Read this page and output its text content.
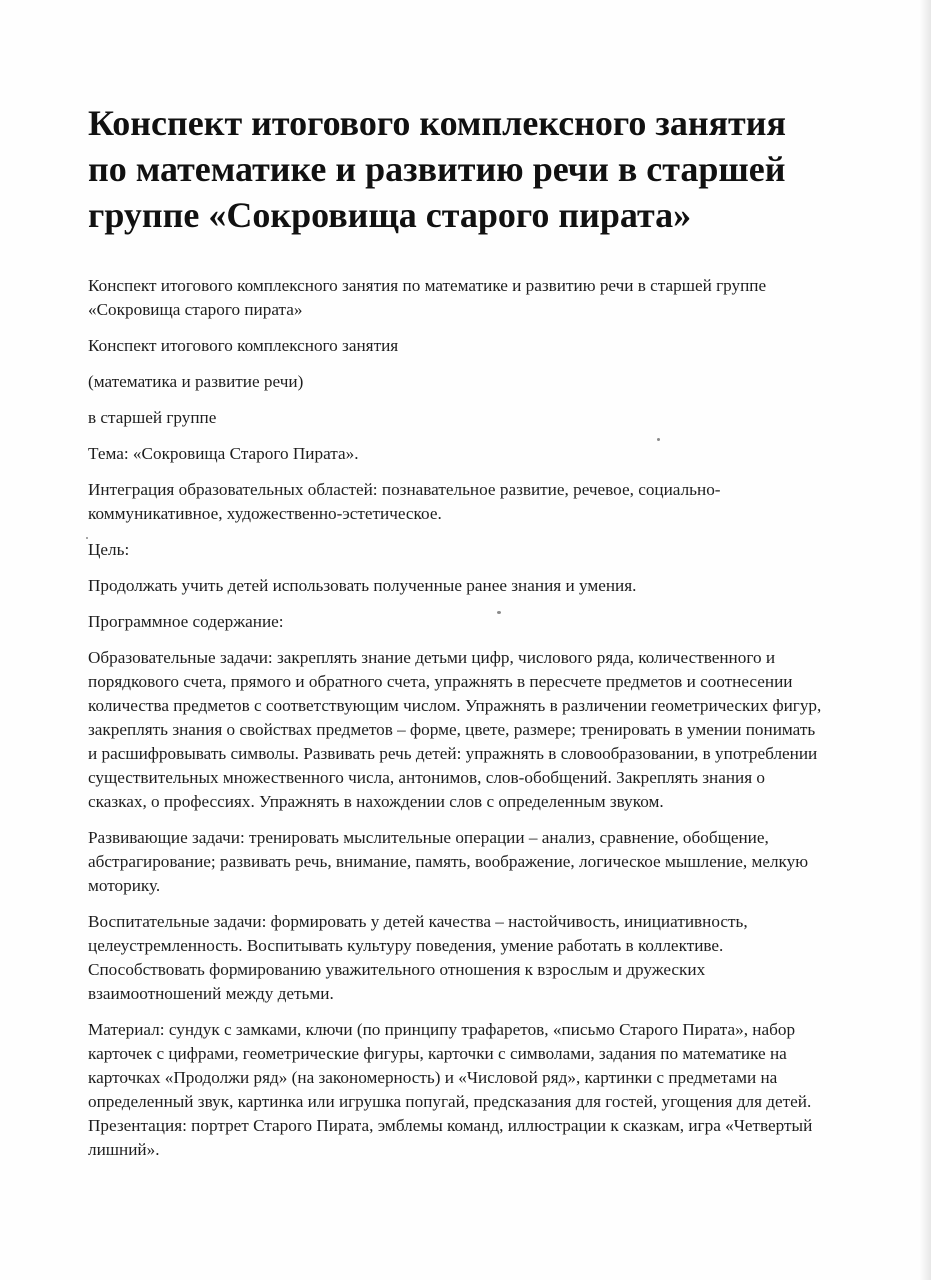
Конспект итогового комплексного занятия по математике и развитию речи в старшей группе «Сокровища старого пирата»

Конспект итогового комплексного занятия по математике и развитию речи в старшей группе «Сокровища старого пирата»

Конспект итогового комплексного занятия

(математика и развитие речи)

в старшей группе

Тема: «Сокровища Старого Пирата».

Интеграция образовательных областей: познавательное развитие, речевое, социально-коммуникативное, художественно-эстетическое.

Цель:

Продолжать учить детей использовать полученные ранее знания и умения.

Программное содержание:

Образовательные задачи: закреплять знание детьми цифр, числового ряда, количественного и порядкового счета, прямого и обратного счета, упражнять в пересчете предметов и соотнесении количества предметов с соответствующим числом. Упражнять в различении геометрических фигур, закреплять знания о свойствах предметов – форме, цвете, размере; тренировать в умении понимать и расшифровывать символы. Развивать речь детей: упражнять в словообразовании, в употреблении существительных множественного числа, антонимов, слов-обобщений. Закреплять знания о сказках, о профессиях. Упражнять в нахождении слов с определенным звуком.

Развивающие задачи: тренировать мыслительные операции – анализ, сравнение, обобщение, абстрагирование; развивать речь, внимание, память, воображение, логическое мышление, мелкую моторику.

Воспитательные задачи: формировать у детей качества – настойчивость, инициативность, целеустремленность. Воспитывать культуру поведения, умение работать в коллективе. Способствовать формированию уважительного отношения к взрослым и дружеских взаимоотношений между детьми.

Материал: сундук с замками, ключи (по принципу трафаретов, «письмо Старого Пирата», набор карточек с цифрами, геометрические фигуры, карточки с символами, задания по математике на карточках «Продолжи ряд» (на закономерность) и «Числовой ряд», картинки с предметами на определенный звук, картинка или игрушка попугай, предсказания для гостей, угощения для детей. Презентация: портрет Старого Пирата, эмблемы команд, иллюстрации к сказкам, игра «Четвертый лишний».
